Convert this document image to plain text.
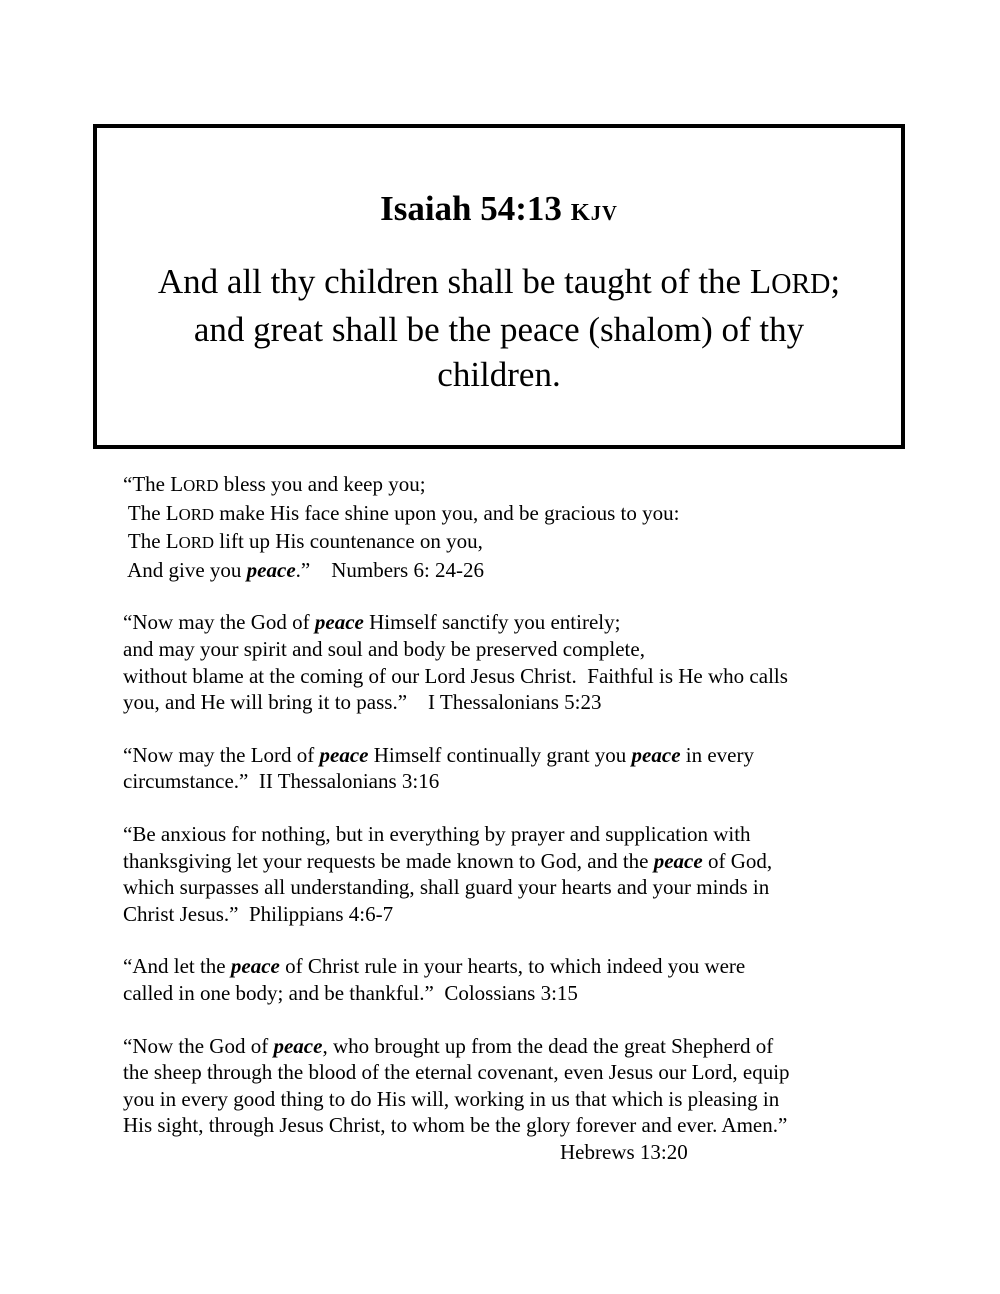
Isaiah 54:13 KJV
And all thy children shall be taught of the LORD;
and great shall be the peace (shalom) of thy
children.
“The LORD bless you and keep you;
The LORD make His face shine upon you, and be gracious to you:
The LORD lift up His countenance on you,
And give you peace.”    Numbers 6: 24-26
“Now may the God of peace Himself sanctify you entirely;
and may your spirit and soul and body be preserved complete,
without blame at the coming of our Lord Jesus Christ.  Faithful is He who calls
you, and He will bring it to pass.”    I Thessalonians 5:23
“Now may the Lord of peace Himself continually grant you peace in every
circumstance.”  II Thessalonians 3:16
“Be anxious for nothing, but in everything by prayer and supplication with
thanksgiving let your requests be made known to God, and the peace of God,
which surpasses all understanding, shall guard your hearts and your minds in
Christ Jesus.”  Philippians 4:6-7
“And let the peace of Christ rule in your hearts, to which indeed you were
called in one body; and be thankful.”  Colossians 3:15
“Now the God of peace, who brought up from the dead the great Shepherd of
the sheep through the blood of the eternal covenant, even Jesus our Lord, equip
you in every good thing to do His will, working in us that which is pleasing in
His sight, through Jesus Christ, to whom be the glory forever and ever. Amen.”
Hebrews 13:20
